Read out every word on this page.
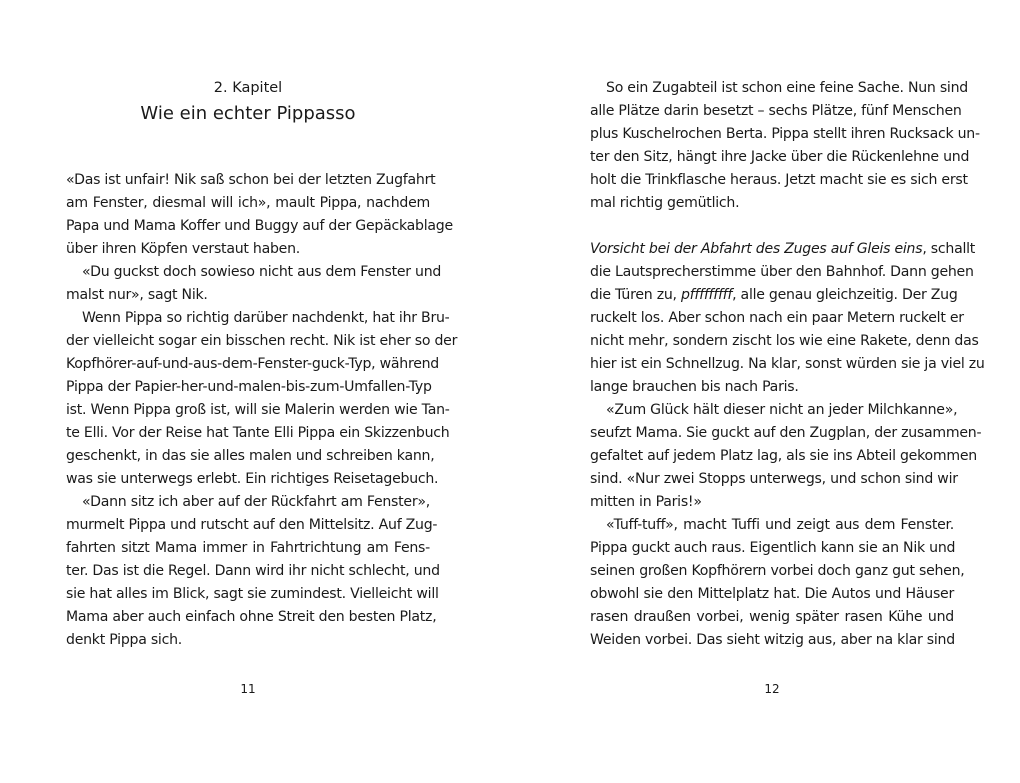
2. Kapitel
Wie ein echter Pippasso
«Das ist unfair! Nik saß schon bei der letzten Zugfahrt
am Fenster, diesmal will ich», mault Pippa, nachdem
Papa und Mama Koffer und Buggy auf der Gepäckablage
über ihren Köpfen verstaut haben.
«Du guckst doch sowieso nicht aus dem Fenster und
malst nur», sagt Nik.
Wenn Pippa so richtig darüber nachdenkt, hat ihr Bru-
der vielleicht sogar ein bisschen recht. Nik ist eher so der
Kopfhörer-auf-und-aus-dem-Fenster-guck-Typ, während
Pippa der Papier-her-und-malen-bis-zum-Umfallen-Typ
ist. Wenn Pippa groß ist, will sie Malerin werden wie Tan-
te Elli. Vor der Reise hat Tante Elli Pippa ein Skizzenbuch
geschenkt, in das sie alles malen und schreiben kann,
was sie unterwegs erlebt. Ein richtiges Reisetagebuch.
«Dann sitz ich aber auf der Rückfahrt am Fenster»,
murmelt Pippa und rutscht auf den Mittelsitz. Auf Zug-
fahrten sitzt Mama immer in Fahrtrichtung am Fens-
ter. Das ist die Regel. Dann wird ihr nicht schlecht, und
sie hat alles im Blick, sagt sie zumindest. Vielleicht will
Mama aber auch einfach ohne Streit den besten Platz,
denkt Pippa sich.
11
So ein Zugabteil ist schon eine feine Sache. Nun sind
alle Plätze darin besetzt – sechs Plätze, fünf Menschen
plus Kuschelrochen Berta. Pippa stellt ihren Rucksack un-
ter den Sitz, hängt ihre Jacke über die Rückenlehne und
holt die Trinkflasche heraus. Jetzt macht sie es sich erst
mal richtig gemütlich.
Vorsicht bei der Abfahrt des Zuges auf Gleis eins, schallt
die Lautsprecherstimme über den Bahnhof. Dann gehen
die Türen zu, pfffffffff, alle genau gleichzeitig. Der Zug
ruckelt los. Aber schon nach ein paar Metern ruckelt er
nicht mehr, sondern zischt los wie eine Rakete, denn das
hier ist ein Schnellzug. Na klar, sonst würden sie ja viel zu
lange brauchen bis nach Paris.
«Zum Glück hält dieser nicht an jeder Milchkanne»,
seufzt Mama. Sie guckt auf den Zugplan, der zusammen-
gefaltet auf jedem Platz lag, als sie ins Abteil gekommen
sind. «Nur zwei Stopps unterwegs, und schon sind wir
mitten in Paris!»
«Tuff-tuff», macht Tuffi und zeigt aus dem Fenster.
Pippa guckt auch raus. Eigentlich kann sie an Nik und
seinen großen Kopfhörern vorbei doch ganz gut sehen,
obwohl sie den Mittelplatz hat. Die Autos und Häuser
rasen draußen vorbei, wenig später rasen Kühe und
Weiden vorbei. Das sieht witzig aus, aber na klar sind
12
